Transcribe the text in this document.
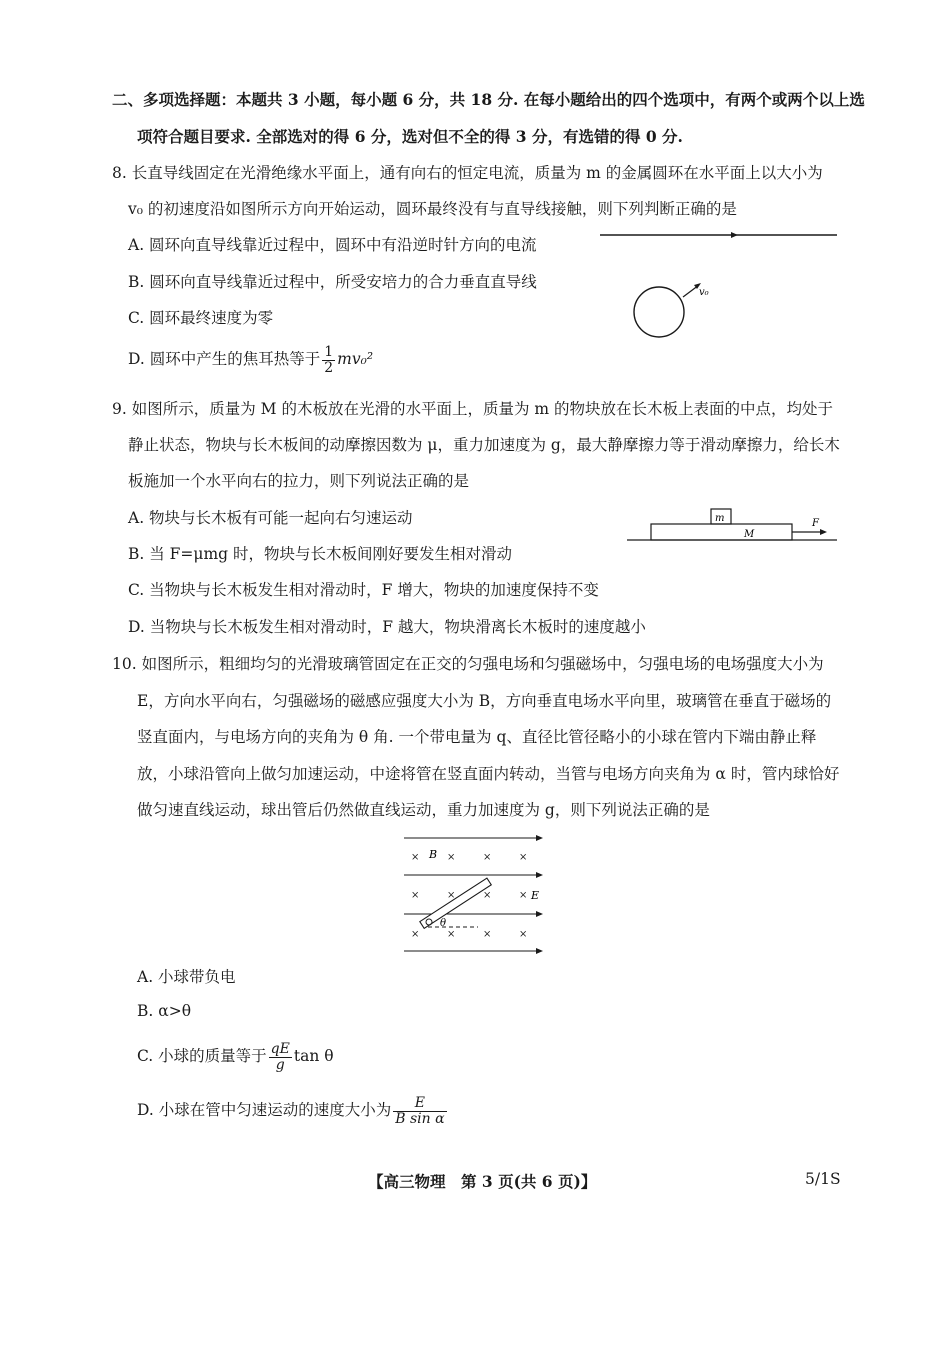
二、多项选择题：本题共 3 小题，每小题 6 分，共 18 分. 在每小题给出的四个选项中，有两个或两个以上选
项符合题目要求. 全部选对的得 6 分，选对但不全的得 3 分，有选错的得 0 分.
8. 长直导线固定在光滑绝缘水平面上，通有向右的恒定电流，质量为 m 的金属圆环在水平面上以大小为
v₀ 的初速度沿如图所示方向开始运动，圆环最终没有与直导线接触，则下列判断正确的是
A. 圆环向直导线靠近过程中，圆环中有沿逆时针方向的电流
B. 圆环向直导线靠近过程中，所受安培力的合力垂直直导线
C. 圆环最终速度为零
D. 圆环中产生的焦耳热等于 $\frac{1}{2} mv_0^2$
v₀
9. 如图所示，质量为 M 的木板放在光滑的水平面上，质量为 m 的物块放在长木板上表面的中点，均处于
静止状态，物块与长木板间的动摩擦因数为 μ，重力加速度为 g，最大静摩擦力等于滑动摩擦力，给长木
板施加一个水平向右的拉力，则下列说法正确的是
A. 物块与长木板有可能一起向右匀速运动
B. 当 F=μmg 时，物块与长木板间刚好要发生相对滑动
C. 当物块与长木板发生相对滑动时，F 增大，物块的加速度保持不变
D. 当物块与长木板发生相对滑动时，F 越大，物块滑离长木板时的速度越小
m
M
F
10. 如图所示，粗细均匀的光滑玻璃管固定在正交的匀强电场和匀强磁场中，匀强电场的电场强度大小为
E，方向水平向右，匀强磁场的磁感应强度大小为 B，方向垂直电场水平向里，玻璃管在垂直于磁场的
竖直面内，与电场方向的夹角为 θ 角. 一个带电量为 q、直径比管径略小的小球在管内下端由静止释
放，小球沿管向上做匀加速运动，中途将管在竖直面内转动，当管与电场方向夹角为 α 时，管内球恰好
做匀速直线运动，球出管后仍然做直线运动，重力加速度为 g，则下列说法正确的是
×	×	×	×
×	×	×	×
×	×	×	×
B
E
θ
A. 小球带负电
B. α>θ
C. 小球的质量等于 $\frac{qE}{g}$ tan θ
D. 小球在管中匀速运动的速度大小为 $\frac{E}{\text{B sin α}}$
【高三物理　第 3 页(共 6 页)】	5/1S
